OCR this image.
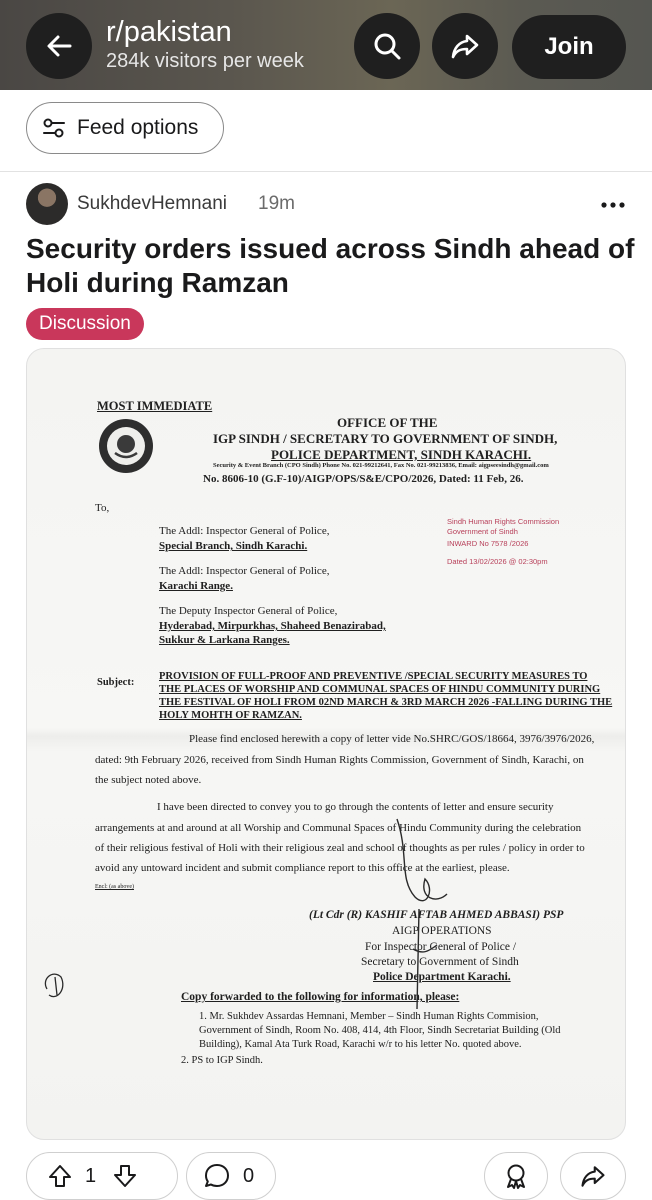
r/pakistan
284k visitors per week
Join
Feed options
SukhdevHemnani 19m
Security orders issued across Sindh ahead of Holi during Ramzan
Discussion
MOST IMMEDIATE
OFFICE OF THE
IGP SINDH / SECRETARY TO GOVERNMENT OF SINDH,
POLICE DEPARTMENT, SINDH KARACHI.
Security & Event Branch (CPO Sindh) Phone No. 021-99212641, Fax No. 021-99213836, Email: aigpseesindh@gmail.com
No. 8606-10 (G.F-10)/AIGP/OPS/S&E/CPO/2026, Dated: 11 Feb, 26.
Sindh Human Rights Commission
Government of Sindh
INWARD No 7578 /2026
Dated 13/02/2026 @ 02:30pm
To,
The Addl: Inspector General of Police,
Special Branch, Sindh Karachi.
The Addl: Inspector General of Police,
Karachi Range.
The Deputy Inspector General of Police,
Hyderabad, Mirpurkhas, Shaheed Benazirabad,
Sukkur & Larkana Ranges.
Subject:
PROVISION OF FULL-PROOF AND PREVENTIVE /SPECIAL SECURITY MEASURES TO
THE PLACES OF WORSHIP AND COMMUNAL SPACES OF HINDU COMMUNITY DURING
THE FESTIVAL OF HOLI FROM 02ND MARCH & 3RD MARCH 2026 -FALLING DURING THE
HOLY MOHTH OF RAMZAN.
Please find enclosed herewith a copy of letter vide No.SHRC/GOS/18664, 3976/3976/2026,
dated: 9th February 2026, received from Sindh Human Rights Commission, Government of Sindh, Karachi, on
the subject noted above.
I have been directed to convey you to go through the contents of letter and ensure security
arrangements at and around at all Worship and Communal Spaces of Hindu Community during the celebration
of their religious festival of Holi with their religious zeal and school of thoughts as per rules / policy in order to
avoid any untoward incident and submit compliance report to this office at the earliest, please.
Encl: (as above)
(Lt Cdr (R) KASHIF AFTAB AHMED ABBASI) PSP
AIGP OPERATIONS
For Inspector General of Police /
Secretary to Government of Sindh
Police Department Karachi.
Copy forwarded to the following for information, please:
1. Mr. Sukhdev Assardas Hemnani, Member – Sindh Human Rights Commision,
Government of Sindh, Room No. 408, 414, 4th Floor, Sindh Secretariat Building (Old
Building), Kamal Ata Turk Road, Karachi w/r to his letter No. quoted above.
2. PS to IGP Sindh.
1	0
